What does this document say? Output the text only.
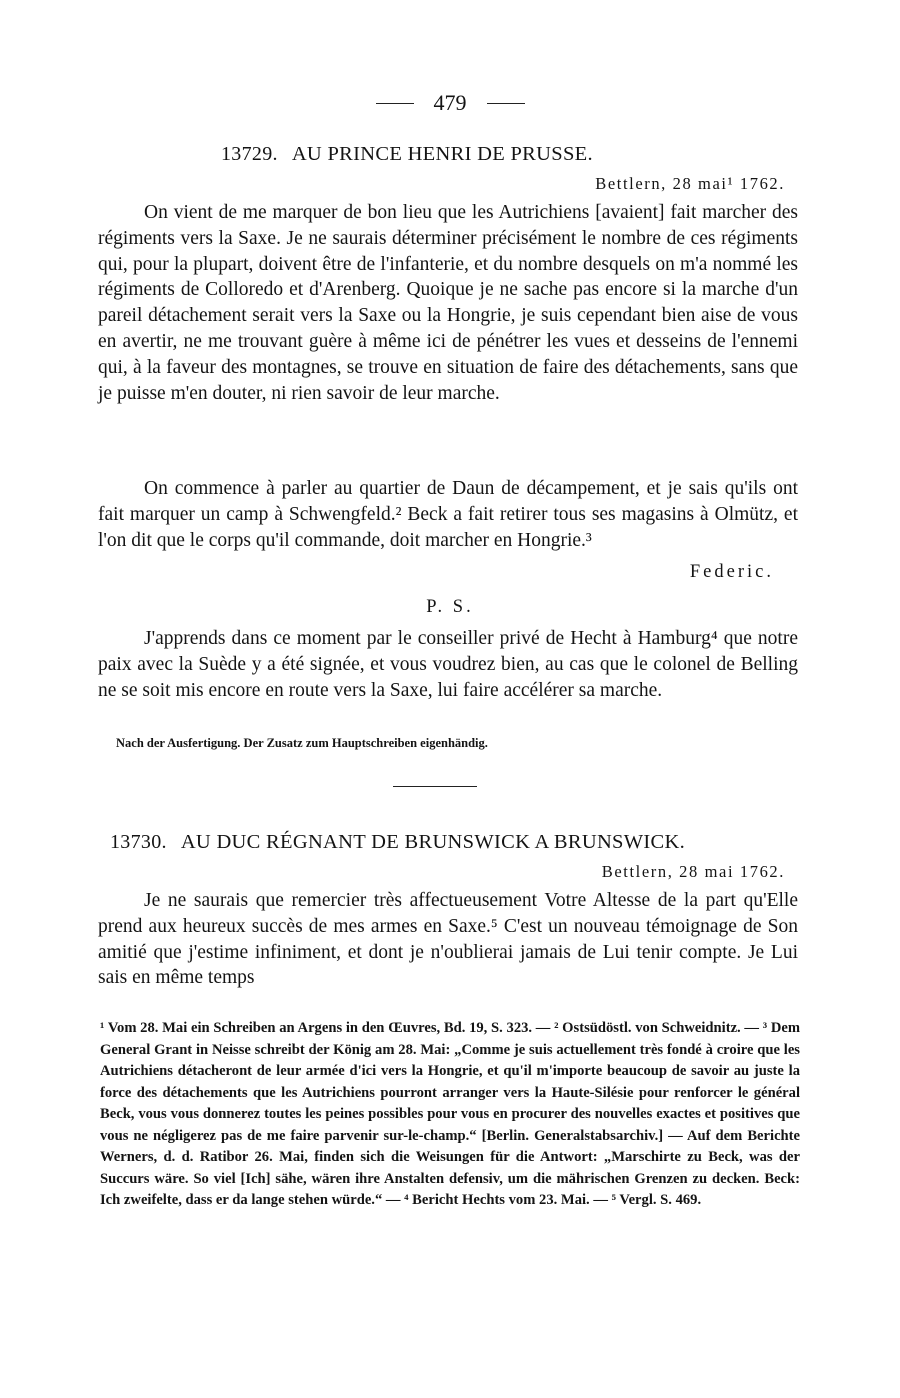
479
13729. AU PRINCE HENRI DE PRUSSE.
Bettlern, 28 mai¹ 1762.

On vient de me marquer de bon lieu que les Autrichiens [avaient] fait marcher des régiments vers la Saxe. Je ne saurais déterminer précisément le nombre de ces régiments qui, pour la plupart, doivent être de l'infanterie, et du nombre desquels on m'a nommé les régiments de Colloredo et d'Arenberg. Quoique je ne sache pas encore si la marche d'un pareil détachement serait vers la Saxe ou la Hongrie, je suis cependant bien aise de vous en avertir, ne me trouvant guère à même ici de pénétrer les vues et desseins de l'ennemi qui, à la faveur des montagnes, se trouve en situation de faire des détachements, sans que je puisse m'en douter, ni rien savoir de leur marche.

On commence à parler au quartier de Daun de décampement, et je sais qu'ils ont fait marquer un camp à Schwengfeld.² Beck a fait retirer tous ses magasins à Olmütz, et l'on dit que le corps qu'il commande, doit marcher en Hongrie.³

Federic.
P. S.

J'apprends dans ce moment par le conseiller privé de Hecht à Hamburg⁴ que notre paix avec la Suède y a été signée, et vous voudrez bien, au cas que le colonel de Belling ne se soit mis encore en route vers la Saxe, lui faire accélérer sa marche.

Nach der Ausfertigung. Der Zusatz zum Hauptschreiben eigenhändig.
13730. AU DUC RÉGNANT DE BRUNSWICK A BRUNSWICK.
Bettlern, 28 mai 1762.

Je ne saurais que remercier très affectueusement Votre Altesse de la part qu'Elle prend aux heureux succès de mes armes en Saxe.⁵ C'est un nouveau témoignage de Son amitié que j'estime infiniment, et dont je n'oublierai jamais de Lui tenir compte. Je Lui sais en même temps

¹ Vom 28. Mai ein Schreiben an Argens in den Œuvres, Bd. 19, S. 323. — ² Ostsüdöstl. von Schweidnitz. — ³ Dem General Grant in Neisse schreibt der König am 28. Mai: „Comme je suis actuellement très fondé à croire que les Autrichiens détacheront de leur armée d'ici vers la Hongrie, et qu'il m'importe beaucoup de savoir au juste la force des détachements que les Autrichiens pourront arranger vers la Haute-Silésie pour renforcer le général Beck, vous vous donnerez toutes les peines possibles pour vous en procurer des nouvelles exactes et positives que vous ne négligerez pas de me faire parvenir sur-le-champ.“ [Berlin. Generalstabsarchiv.] — Auf dem Berichte Werners, d. d. Ratibor 26. Mai, finden sich die Weisungen für die Antwort: „Marschirte zu Beck, was der Succurs wäre. So viel [Ich] sähe, wären ihre Anstalten defensiv, um die mährischen Grenzen zu decken. Beck: Ich zweifelte, dass er da lange stehen würde.“ — ⁴ Bericht Hechts vom 23. Mai. — ⁵ Vergl. S. 469.
